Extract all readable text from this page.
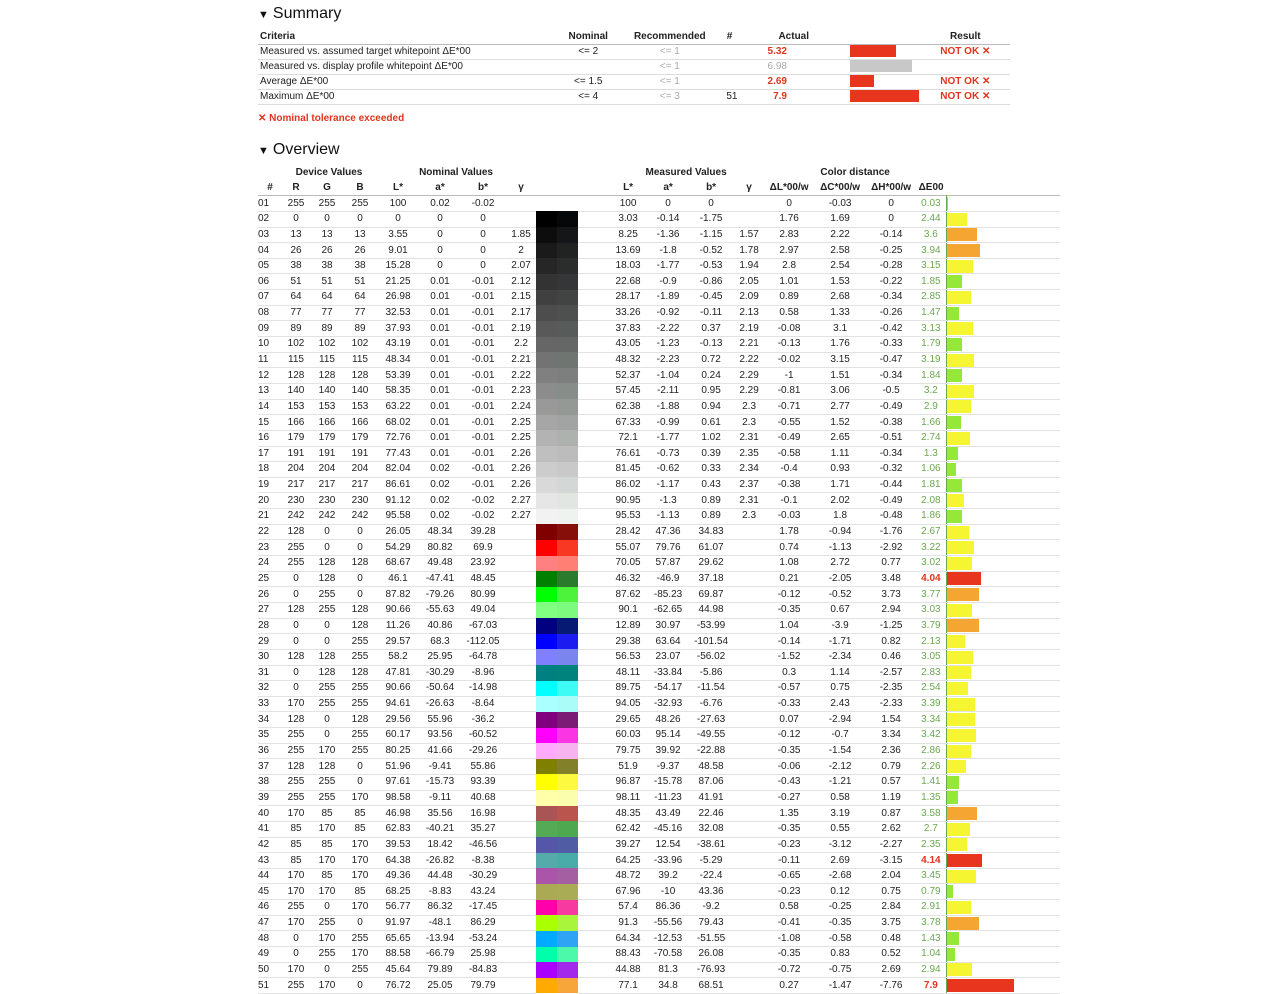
▼ Summary
Criteria	Nominal	Recommended	#	Actual			Result
Measured vs. assumed target whitepoint ΔE*00	<= 2	<= 1		5.32			NOT OK ✕
Measured vs. display profile whitepoint ΔE*00		<= 1		6.98			
Average ΔE*00	<= 1.5	<= 1		2.69			NOT OK ✕
Maximum ΔE*00	<= 4	<= 3	51	7.9			NOT OK ✕
✕ Nominal tolerance exceeded
▼ Overview
	Device Values			Nominal Values							Measured Values				Color distance				
#	R	G	B	L*	a*	b*	γ				L*	a*	b*	γ	ΔL*00/w	ΔC*00/w	ΔH*00/w	ΔE00	
01	255	255	255	100	0.02	-0.02					100	0	0		0	-0.03	0	0.03	

02	0	0	0	0	0	0					3.03	-0.14	-1.75		1.76	1.69	0	2.44	

03	13	13	13	3.55	0	0	1.85				8.25	-1.36	-1.15	1.57	2.83	2.22	-0.14	3.6	

04	26	26	26	9.01	0	0	2				13.69	-1.8	-0.52	1.78	2.97	2.58	-0.25	3.94	

05	38	38	38	15.28	0	0	2.07				18.03	-1.77	-0.53	1.94	2.8	2.54	-0.28	3.15	

06	51	51	51	21.25	0.01	-0.01	2.12				22.68	-0.9	-0.86	2.05	1.01	1.53	-0.22	1.85	

07	64	64	64	26.98	0.01	-0.01	2.15				28.17	-1.89	-0.45	2.09	0.89	2.68	-0.34	2.85	

08	77	77	77	32.53	0.01	-0.01	2.17				33.26	-0.92	-0.11	2.13	0.58	1.33	-0.26	1.47	

09	89	89	89	37.93	0.01	-0.01	2.19				37.83	-2.22	0.37	2.19	-0.08	3.1	-0.42	3.13	

10	102	102	102	43.19	0.01	-0.01	2.2				43.05	-1.23	-0.13	2.21	-0.13	1.76	-0.33	1.79	

11	115	115	115	48.34	0.01	-0.01	2.21				48.32	-2.23	0.72	2.22	-0.02	3.15	-0.47	3.19	

12	128	128	128	53.39	0.01	-0.01	2.22				52.37	-1.04	0.24	2.29	-1	1.51	-0.34	1.84	

13	140	140	140	58.35	0.01	-0.01	2.23				57.45	-2.11	0.95	2.29	-0.81	3.06	-0.5	3.2	

14	153	153	153	63.22	0.01	-0.01	2.24				62.38	-1.88	0.94	2.3	-0.71	2.77	-0.49	2.9	

15	166	166	166	68.02	0.01	-0.01	2.25				67.33	-0.99	0.61	2.3	-0.55	1.52	-0.38	1.66	

16	179	179	179	72.76	0.01	-0.01	2.25				72.1	-1.77	1.02	2.31	-0.49	2.65	-0.51	2.74	

17	191	191	191	77.43	0.01	-0.01	2.26				76.61	-0.73	0.39	2.35	-0.58	1.11	-0.34	1.3	

18	204	204	204	82.04	0.02	-0.01	2.26				81.45	-0.62	0.33	2.34	-0.4	0.93	-0.32	1.06	

19	217	217	217	86.61	0.02	-0.01	2.26				86.02	-1.17	0.43	2.37	-0.38	1.71	-0.44	1.81	

20	230	230	230	91.12	0.02	-0.02	2.27				90.95	-1.3	0.89	2.31	-0.1	2.02	-0.49	2.08	

21	242	242	242	95.58	0.02	-0.02	2.27				95.53	-1.13	0.89	2.3	-0.03	1.8	-0.48	1.86	

22	128	0	0	26.05	48.34	39.28					28.42	47.36	34.83		1.78	-0.94	-1.76	2.67	

23	255	0	0	54.29	80.82	69.9					55.07	79.76	61.07		0.74	-1.13	-2.92	3.22	

24	255	128	128	68.67	49.48	23.92					70.05	57.87	29.62		1.08	2.72	0.77	3.02	

25	0	128	0	46.1	-47.41	48.45					46.32	-46.9	37.18		0.21	-2.05	3.48	4.04	

26	0	255	0	87.82	-79.26	80.99					87.62	-85.23	69.87		-0.12	-0.52	3.73	3.77	

27	128	255	128	90.66	-55.63	49.04					90.1	-62.65	44.98		-0.35	0.67	2.94	3.03	

28	0	0	128	11.26	40.86	-67.03					12.89	30.97	-53.99		1.04	-3.9	-1.25	3.79	

29	0	0	255	29.57	68.3	-112.05					29.38	63.64	-101.54		-0.14	-1.71	0.82	2.13	

30	128	128	255	58.2	25.95	-64.78					56.53	23.07	-56.02		-1.52	-2.34	0.46	3.05	

31	0	128	128	47.81	-30.29	-8.96					48.11	-33.84	-5.86		0.3	1.14	-2.57	2.83	

32	0	255	255	90.66	-50.64	-14.98					89.75	-54.17	-11.54		-0.57	0.75	-2.35	2.54	

33	170	255	255	94.61	-26.63	-8.64					94.05	-32.93	-6.76		-0.33	2.43	-2.33	3.39	

34	128	0	128	29.56	55.96	-36.2					29.65	48.26	-27.63		0.07	-2.94	1.54	3.34	

35	255	0	255	60.17	93.56	-60.52					60.03	95.14	-49.55		-0.12	-0.7	3.34	3.42	

36	255	170	255	80.25	41.66	-29.26					79.75	39.92	-22.88		-0.35	-1.54	2.36	2.86	

37	128	128	0	51.96	-9.41	55.86					51.9	-9.37	48.58		-0.06	-2.12	0.79	2.26	

38	255	255	0	97.61	-15.73	93.39					96.87	-15.78	87.06		-0.43	-1.21	0.57	1.41	

39	255	255	170	98.58	-9.11	40.68					98.11	-11.23	41.91		-0.27	0.58	1.19	1.35	

40	170	85	85	46.98	35.56	16.98					48.35	43.49	22.46		1.35	3.19	0.87	3.58	

41	85	170	85	62.83	-40.21	35.27					62.42	-45.16	32.08		-0.35	0.55	2.62	2.7	

42	85	85	170	39.53	18.42	-46.56					39.27	12.54	-38.61		-0.23	-3.12	-2.27	2.35	

43	85	170	170	64.38	-26.82	-8.38					64.25	-33.96	-5.29		-0.11	2.69	-3.15	4.14	

44	170	85	170	49.36	44.48	-30.29					48.72	39.2	-22.4		-0.65	-2.68	2.04	3.45	

45	170	170	85	68.25	-8.83	43.24					67.96	-10	43.36		-0.23	0.12	0.75	0.79	

46	255	0	170	56.77	86.32	-17.45					57.4	86.36	-9.2		0.58	-0.25	2.84	2.91	

47	170	255	0	91.97	-48.1	86.29					91.3	-55.56	79.43		-0.41	-0.35	3.75	3.78	

48	0	170	255	65.65	-13.94	-53.24					64.34	-12.53	-51.55		-1.08	-0.58	0.48	1.43	

49	0	255	170	88.58	-66.79	25.98					88.43	-70.58	26.08		-0.35	0.83	0.52	1.04	

50	170	0	255	45.64	79.89	-84.83					44.88	81.3	-76.93		-0.72	-0.75	2.69	2.94	

51	255	170	0	76.72	25.05	79.79					77.1	34.8	68.51		0.27	-1.47	-7.76	7.9	
